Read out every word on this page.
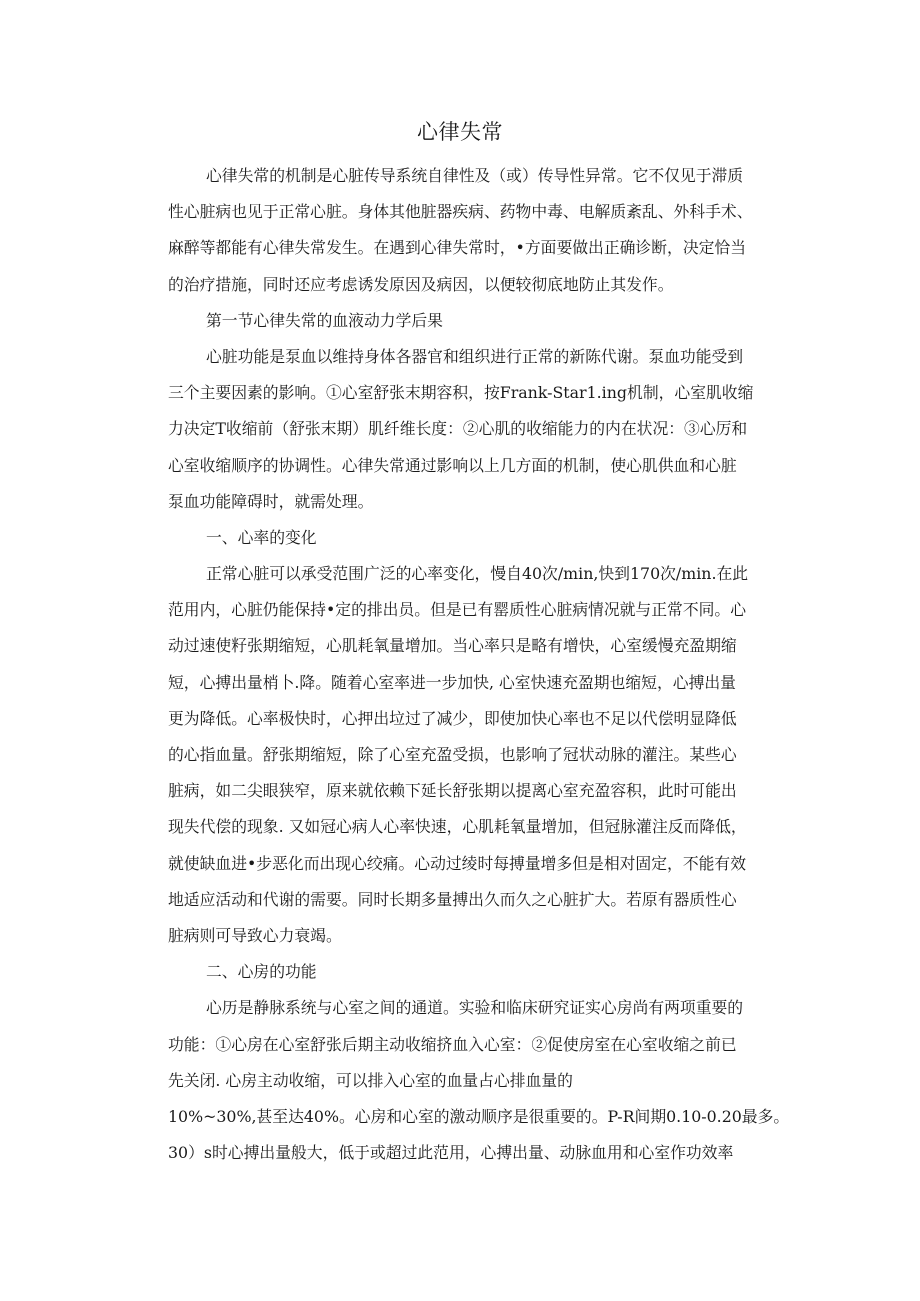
心律失常
心律失常的机制是心脏传导系统自律性及（或）传导性异常。它不仅见于滞质
性心脏病也见于正常心脏。身体其他脏器疾病、药物中毒、电解质紊乱、外科手术、
麻醉等都能有心律失常发生。在遇到心律失常时，•方面要做出正确诊断，决定恰当
的治疗措施，同时还应考虑诱发原因及病因，以便较彻底地防止其发作。
第一节心律失常的血液动力学后果
心脏功能是泵血以维持身体各器官和组织进行正常的新陈代谢。泵血功能受到
三个主要因素的影响。①心室舒张末期容积，按Frank-Star1.ing机制，心室肌收缩
力决定T收缩前（舒张末期）肌纤维长度：②心肌的收缩能力的内在状况：③心厉和
心室收缩顺序的协调性。心律失常通过影响以上几方面的机制，使心肌供血和心脏
泵血功能障碍时，就需处理。
一、心率的变化
正常心脏可以承受范围广泛的心率变化，慢自40次/min,快到170次/min.在此
范用内，心脏仍能保持•定的排出员。但是已有罂质性心脏病情况就与正常不同。心
动过速使籽张期缩短，心肌耗氧量增加。当心率只是略有增快，心室缓慢充盈期缩
短，心搏出量梢卜.降。随着心室率进一步加快, 心室快速充盈期也缩短，心搏出量
更为降低。心率极快时，心押出垃过了减少，即使加快心率也不足以代偿明显降低
的心指血量。舒张期缩短，除了心室充盈受损，也影响了冠状动脉的灌注。某些心
脏病，如二尖眼狭窄，原来就依赖下延长舒张期以提离心室充盈容积，此时可能出
现失代偿的现象. 又如冠心病人心率快速，心肌耗氧量增加，但冠脉灌注反而降低，
就使缺血进•步恶化而出现心绞痛。心动过绫时每搏量增多但是相对固定，不能有效
地适应活动和代谢的需要。同时长期多量搏出久而久之心脏扩大。若原有器质性心
脏病则可导致心力衰竭。
二、心房的功能
心历是静脉系统与心室之间的通道。实验和临床研究证实心房尚有两项重要的
功能：①心房在心室舒张后期主动收缩挤血入心室：②促使房室在心室收缩之前已
先关闭. 心房主动收缩，可以排入心室的血量占心排血量的
10%~30%,甚至达40%。心房和心室的激动顺序是很重要的。P-R间期0.10-0.20最多。
30）s时心搏出量般大，低于或超过此范用，心搏出量、动脉血用和心室作功效率
